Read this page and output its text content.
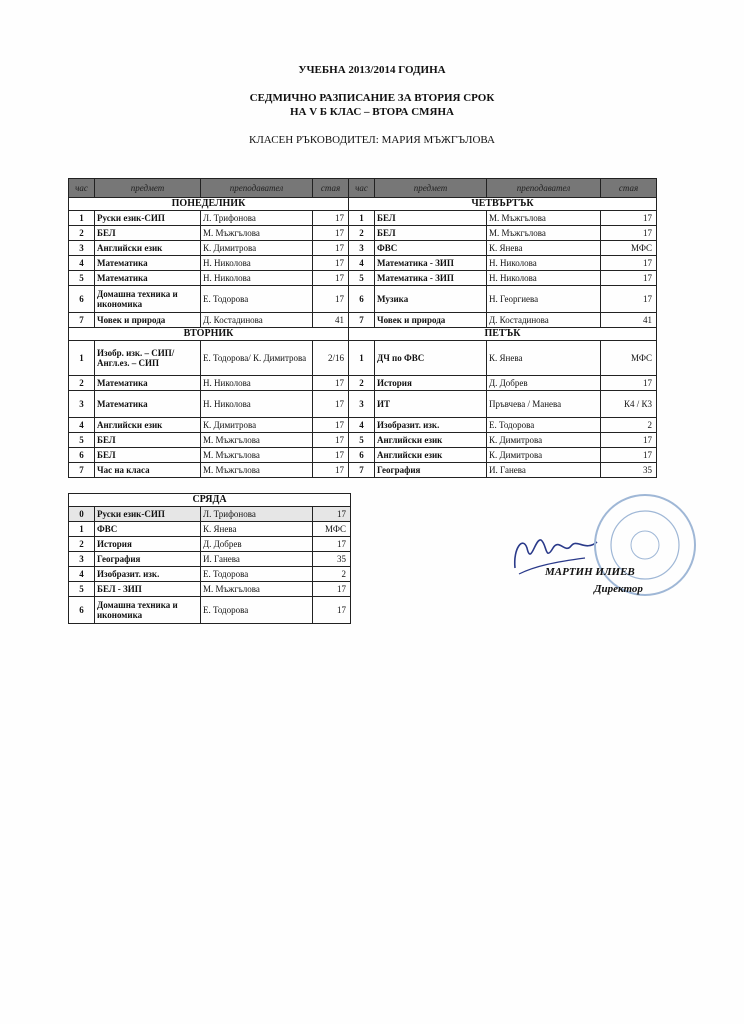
УЧЕБНА 2013/2014 ГОДИНА
СЕДМИЧНО РАЗПИСАНИЕ ЗА ВТОРИЯ СРОК
НА V Б КЛАС – ВТОРА СМЯНА
КЛАСЕН РЪКОВОДИТЕЛ: МАРИЯ МЪЖГЪЛОВА
час	предмет	преподавател	стая
ПОНЕДЕЛНИК			
1	Руски език-СИП	Л. Трифонова	17
2	БЕЛ	М. Мъжгълова	17
3	Английски език	К. Димитрова	17
4	Математика	Н. Николова	17
5	Математика	Н. Николова	17
6	Домашна техника и икономика	Е. Тодорова	17
7	Човек и природа	Д. Костадинова	41
ВТОРНИК			
1	Изобр. изк. – СИП/ Англ.ез. – СИП	Е. Тодорова/ К. Димитрова	2/16
2	Математика	Н. Николова	17
3	Математика	Н. Николова	17
4	Английски език	К. Димитрова	17
5	БЕЛ	М. Мъжгълова	17
6	БЕЛ	М. Мъжгълова	17
7	Час на класа	М. Мъжгълова	17
час	предмет	преподавател	стая
ЧЕТВЪРТЪК			
1	БЕЛ	М. Мъжгълова	17
2	БЕЛ	М. Мъжгълова	17
3	ФВС	К. Янева	МФС
4	Математика - ЗИП	Н. Николова	17
5	Математика - ЗИП	Н. Николова	17
6	Музика	Н. Георгиева	17
7	Човек и природа	Д. Костадинова	41
ПЕТЪК			
1	ДЧ по ФВС	К. Янева	МФС
2	История	Д. Добрев	17
3	ИТ	Пръвчева / Манева	К4 / К3
4	Изобразит. изк.	Е. Тодорова	2
5	Английски език	К. Димитрова	17
6	Английски език	К. Димитрова	17
7	География	И. Ганева	35
СРЯДА			
0	Руски език-СИП	Л. Трифонова	17
1	ФВС	К. Янева	МФС
2	История	Д. Добрев	17
3	География	И. Ганева	35
4	Изобразит. изк.	Е. Тодорова	2
5	БЕЛ - ЗИП	М. Мъжгълова	17
6	Домашна техника и икономика	Е. Тодорова	17
МАРТИН ИЛИЕВ
Директор
